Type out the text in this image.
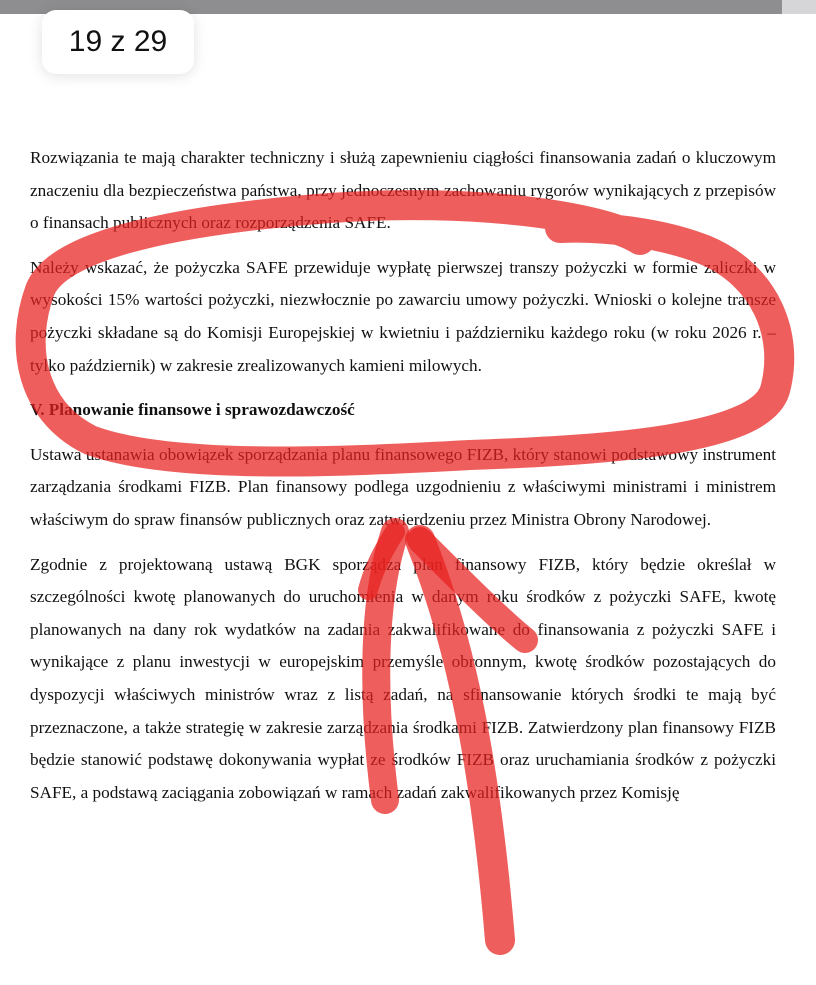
19 z 29

Rozwiązania te mają charakter techniczny i służą zapewnieniu ciągłości finansowania zadań o kluczowym znaczeniu dla bezpieczeństwa państwa, przy jednoczesnym zachowaniu rygorów wynikających z przepisów o finansach publicznych oraz rozporządzenia SAFE.

Należy wskazać, że pożyczka SAFE przewiduje wypłatę pierwszej transzy pożyczki w formie zaliczki w wysokości 15% wartości pożyczki, niezwłocznie po zawarciu umowy pożyczki. Wnioski o kolejne transze pożyczki składane są do Komisji Europejskiej w kwietniu i październiku każdego roku (w roku 2026 r. – tylko październik) w zakresie zrealizowanych kamieni milowych.

V. Planowanie finansowe i sprawozdawczość

Ustawa ustanawia obowiązek sporządzania planu finansowego FIZB, który stanowi podstawowy instrument zarządzania środkami FIZB. Plan finansowy podlega uzgodnieniu z właściwymi ministrami i ministrem właściwym do spraw finansów publicznych oraz zatwierdzeniu przez Ministra Obrony Narodowej.

Zgodnie z projektowaną ustawą BGK sporządza plan finansowy FIZB, który będzie określał w szczególności kwotę planowanych do uruchomienia w danym roku środków z pożyczki SAFE, kwotę planowanych na dany rok wydatków na zadania zakwalifikowane do finansowania z pożyczki SAFE i wynikające z planu inwestycji w europejskim przemyśle obronnym, kwotę środków pozostających do dyspozycji właściwych ministrów wraz z listą zadań, na sfinansowanie których środki te mają być przeznaczone, a także strategię w zakresie zarządzania środkami FIZB. Zatwierdzony plan finansowy FIZB będzie stanowić podstawę dokonywania wypłat ze środków FIZB oraz uruchamiania środków z pożyczki SAFE, a podstawą zaciągania zobowiązań w ramach zadań zakwalifikowanych przez Komisję
